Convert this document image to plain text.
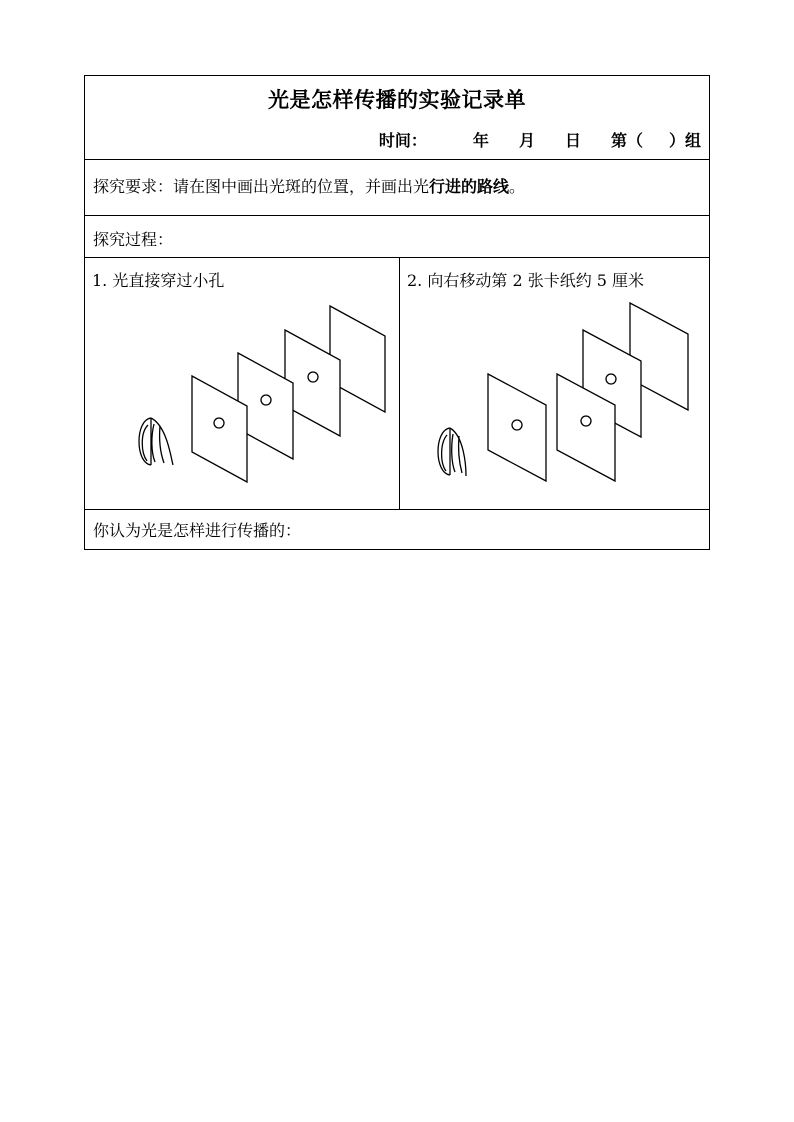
光是怎样传播的实验记录单
时间：	年 月 日 第（ ）组
探究要求：请在图中画出光斑的位置，并画出光行进的路线。
探究过程：
1. 光直接穿过小孔	2. 向右移动第 2 张卡纸约 5 厘米
你认为光是怎样进行传播的：
